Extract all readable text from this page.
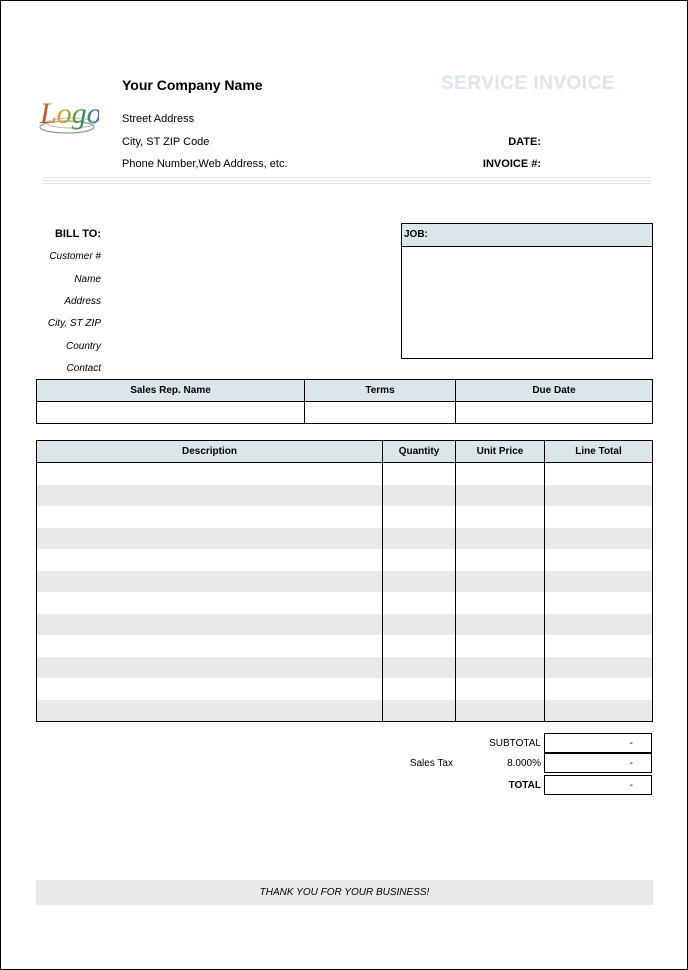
Logo
Your Company Name
Street Address
City, ST ZIP Code
Phone Number,Web Address, etc.
SERVICE INVOICE
DATE:
INVOICE #:
BILL TO:
Customer #
Name
Address
City, ST ZIP
Country
Contact
JOB:
Sales Rep. Name	Terms	Due Date

Description	Quantity	Unit Price	Line Total

SUBTOTAL	-
Sales Tax	8.000%	-
TOTAL	-
THANK YOU FOR YOUR BUSINESS!
